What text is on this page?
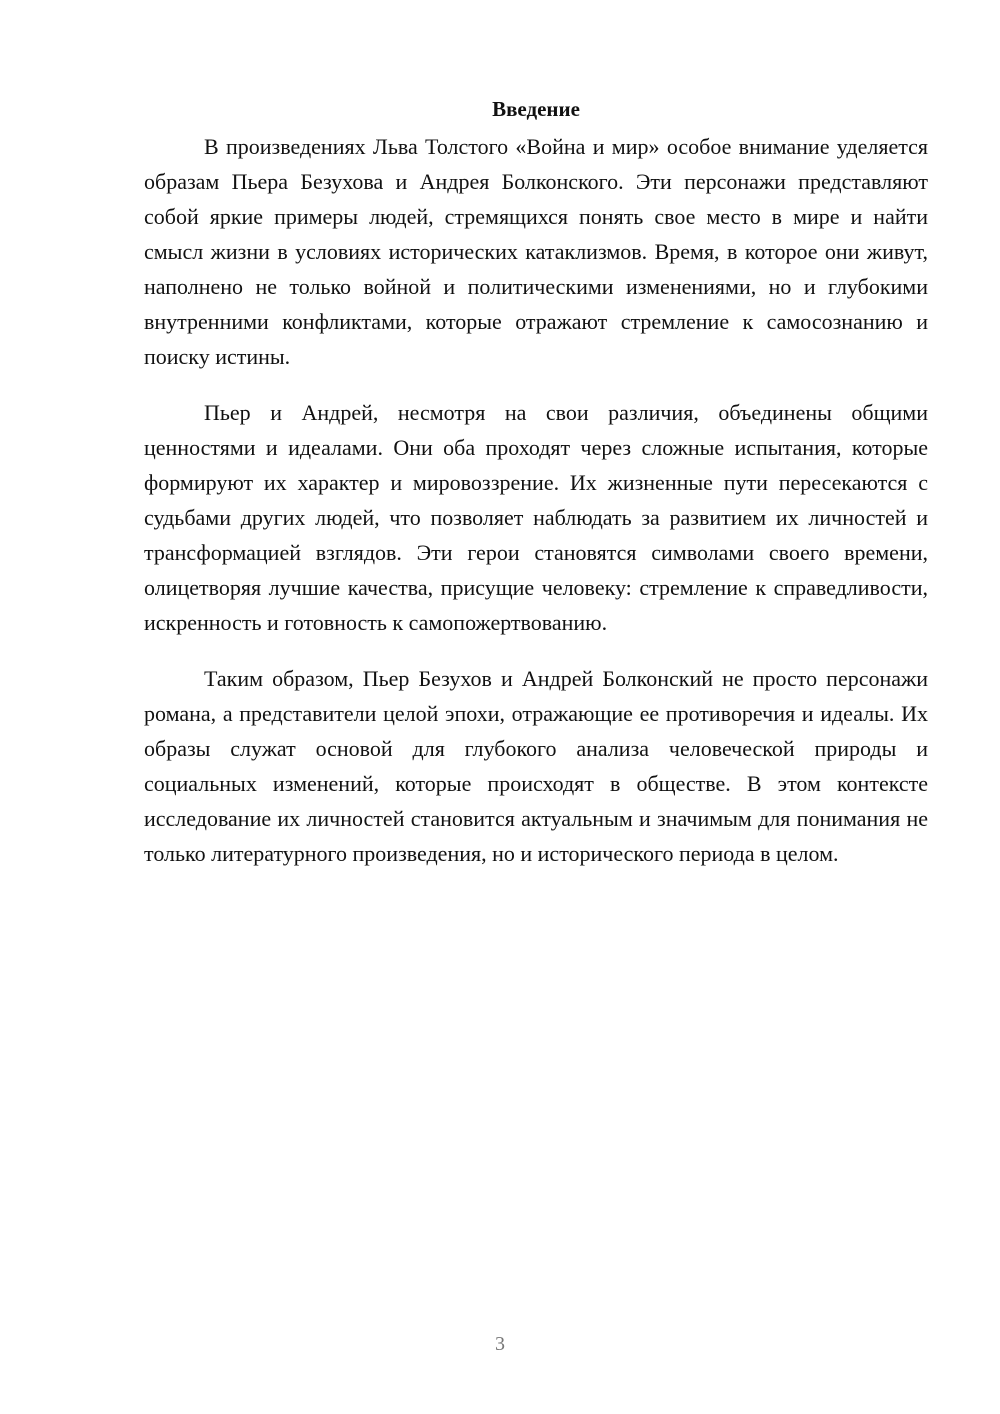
Введение

В произведениях Льва Толстого «Война и мир» особое внимание уделяется образам Пьера Безухова и Андрея Болконского. Эти персонажи представляют собой яркие примеры людей, стремящихся понять свое место в мире и найти смысл жизни в условиях исторических катаклизмов. Время, в которое они живут, наполнено не только войной и политическими изменениями, но и глубокими внутренними конфликтами, которые отражают стремление к самосознанию и поиску истины.

Пьер и Андрей, несмотря на свои различия, объединены общими ценностями и идеалами. Они оба проходят через сложные испытания, которые формируют их характер и мировоззрение. Их жизненные пути пересекаются с судьбами других людей, что позволяет наблюдать за развитием их личностей и трансформацией взглядов. Эти герои становятся символами своего времени, олицетворяя лучшие качества, присущие человеку: стремление к справедливости, искренность и готовность к самопожертвованию.

Таким образом, Пьер Безухов и Андрей Болконский не просто персонажи романа, а представители целой эпохи, отражающие ее противоречия и идеалы. Их образы служат основой для глубокого анализа человеческой природы и социальных изменений, которые происходят в обществе. В этом контексте исследование их личностей становится актуальным и значимым для понимания не только литературного произведения, но и исторического периода в целом.

3
